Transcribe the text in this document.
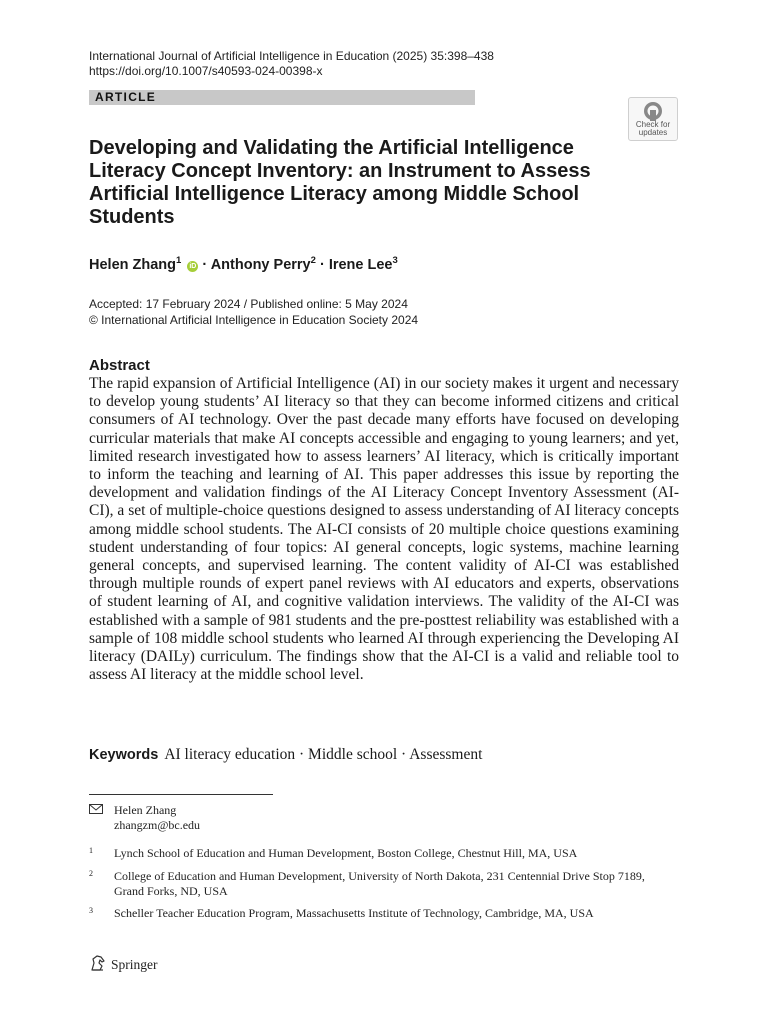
International Journal of Artificial Intelligence in Education (2025) 35:398–438
https://doi.org/10.1007/s40593-024-00398-x
ARTICLE
Check for
updates
Developing and Validating the Artificial Intelligence Literacy Concept Inventory: an Instrument to Assess Artificial Intelligence Literacy among Middle School Students
Helen Zhang$^1$ iD · Anthony Perry$^2$ · Irene Lee$^3$
Accepted: 17 February 2024 / Published online: 5 May 2024
© International Artificial Intelligence in Education Society 2024
Abstract

The rapid expansion of Artificial Intelligence (AI) in our society makes it urgent and necessary to develop young students’ AI literacy so that they can become informed citizens and critical consumers of AI technology. Over the past decade many efforts have focused on developing curricular materials that make AI concepts accessible and engaging to young learners; and yet, limited research investigated how to assess learners’ AI literacy, which is critically important to inform the teaching and learning of AI. This paper addresses this issue by reporting the development and validation findings of the AI Literacy Concept Inventory Assessment (AI-CI), a set of multiple-choice questions designed to assess understanding of AI literacy concepts among middle school students. The AI-CI consists of 20 multiple choice questions examining student understanding of four topics: AI general concepts, logic systems, machine learning general concepts, and supervised learning. The content validity of AI-CI was established through multiple rounds of expert panel reviews with AI educators and experts, observations of student learning of AI, and cognitive validation interviews. The validity of the AI-CI was established with a sample of 981 students and the pre-posttest reliability was established with a sample of 108 middle school students who learned AI through experiencing the Developing AI literacy (DAILy) curriculum. The findings show that the AI-CI is a valid and reliable tool to assess AI literacy at the middle school level.

Keywords AI literacy education · Middle school · Assessment
Helen Zhang
zhangzm@bc.edu
1 Lynch School of Education and Human Development, Boston College, Chestnut Hill, MA, USA
2 College of Education and Human Development, University of North Dakota, 231 Centennial Drive Stop 7189, Grand Forks, ND, USA
3 Scheller Teacher Education Program, Massachusetts Institute of Technology, Cambridge, MA, USA
Springer
